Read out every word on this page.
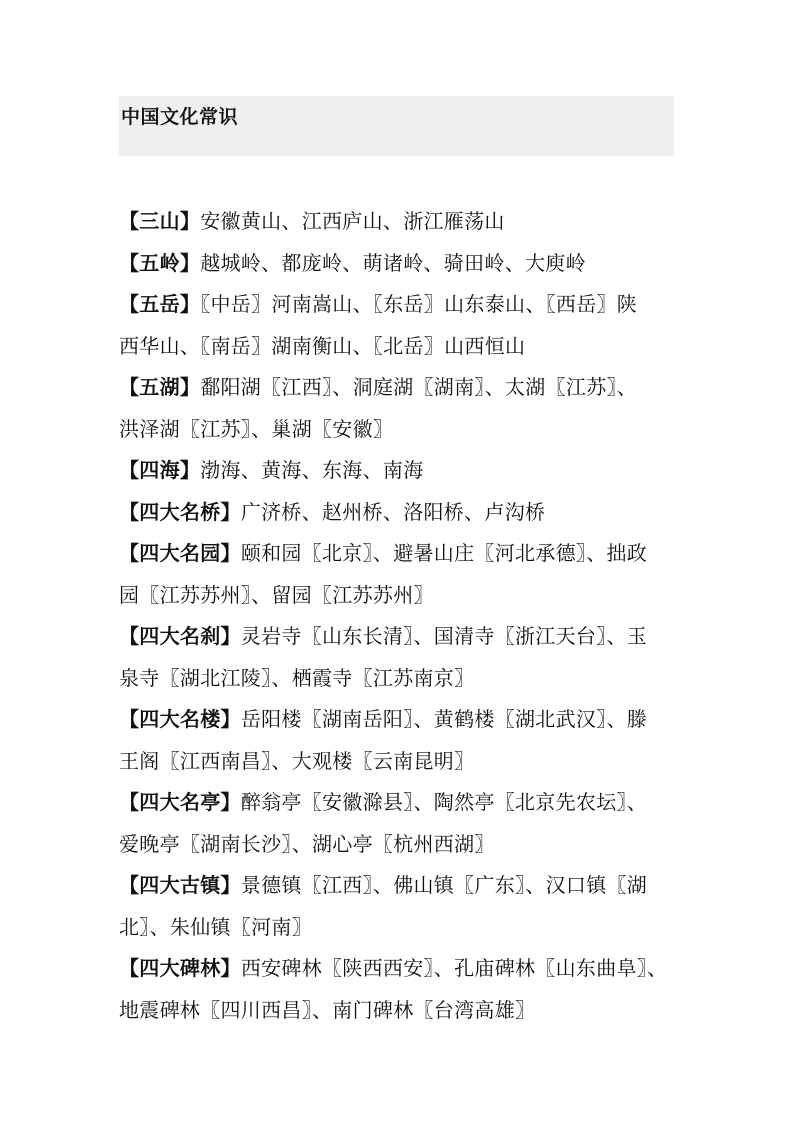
中国文化常识

【三山】安徽黄山、江西庐山、浙江雁荡山

【五岭】越城岭、都庞岭、萌诸岭、骑田岭、大庾岭

【五岳】〖中岳〗河南嵩山、〖东岳〗山东泰山、〖西岳〗陕
西华山、〖南岳〗湖南衡山、〖北岳〗山西恒山

【五湖】鄱阳湖〖江西〗、洞庭湖〖湖南〗、太湖〖江苏〗、
洪泽湖〖江苏〗、巢湖〖安徽〗

【四海】渤海、黄海、东海、南海

【四大名桥】广济桥、赵州桥、洛阳桥、卢沟桥

【四大名园】颐和园〖北京〗、避暑山庄〖河北承德〗、拙政
园〖江苏苏州〗、留园〖江苏苏州〗

【四大名刹】灵岩寺〖山东长清〗、国清寺〖浙江天台〗、玉
泉寺〖湖北江陵〗、栖霞寺〖江苏南京〗

【四大名楼】岳阳楼〖湖南岳阳〗、黄鹤楼〖湖北武汉〗、滕
王阁〖江西南昌〗、大观楼〖云南昆明〗

【四大名亭】醉翁亭〖安徽滁县〗、陶然亭〖北京先农坛〗、
爱晚亭〖湖南长沙〗、湖心亭〖杭州西湖〗

【四大古镇】景德镇〖江西〗、佛山镇〖广东〗、汉口镇〖湖
北〗、朱仙镇〖河南〗

【四大碑林】西安碑林〖陕西西安〗、孔庙碑林〖山东曲阜〗、
地震碑林〖四川西昌〗、南门碑林〖台湾高雄〗
